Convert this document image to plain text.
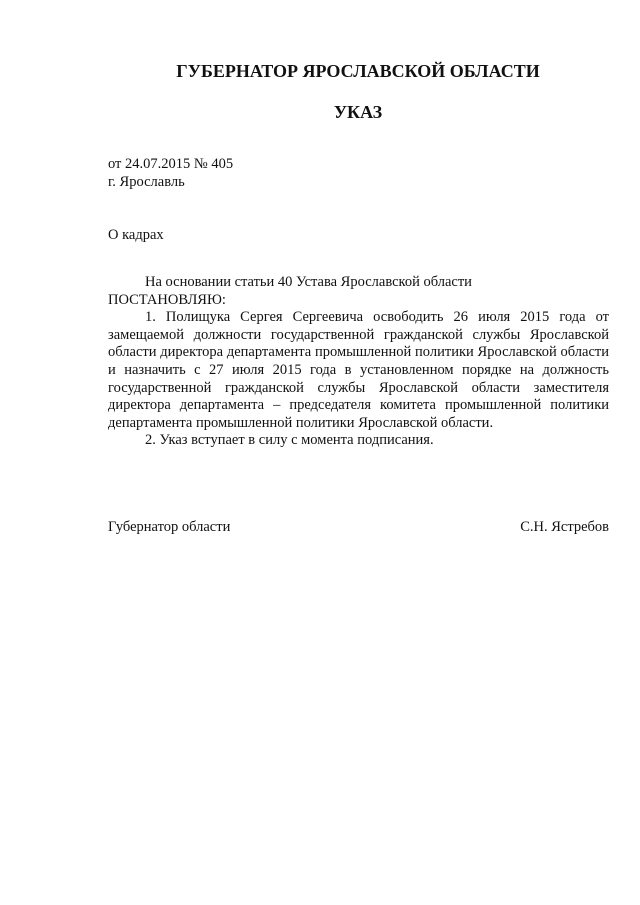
ГУБЕРНАТОР ЯРОСЛАВСКОЙ ОБЛАСТИ
УКАЗ
от 24.07.2015 № 405
г. Ярославль
О кадрах

На основании статьи 40 Устава Ярославской области

ПОСТАНОВЛЯЮ:

1. Полищука Сергея Сергеевича освободить 26 июля 2015 года от замещаемой должности государственной гражданской службы Ярославской области директора департамента промышленной политики Ярославской области и назначить с 27 июля 2015 года в установленном порядке на должность государственной гражданской службы Ярославской области заместителя директора департамента – председателя комитета промышленной политики департамента промышленной политики Ярославской области.

2. Указ вступает в силу с момента подписания.

Губернатор области	С.Н. Ястребов
